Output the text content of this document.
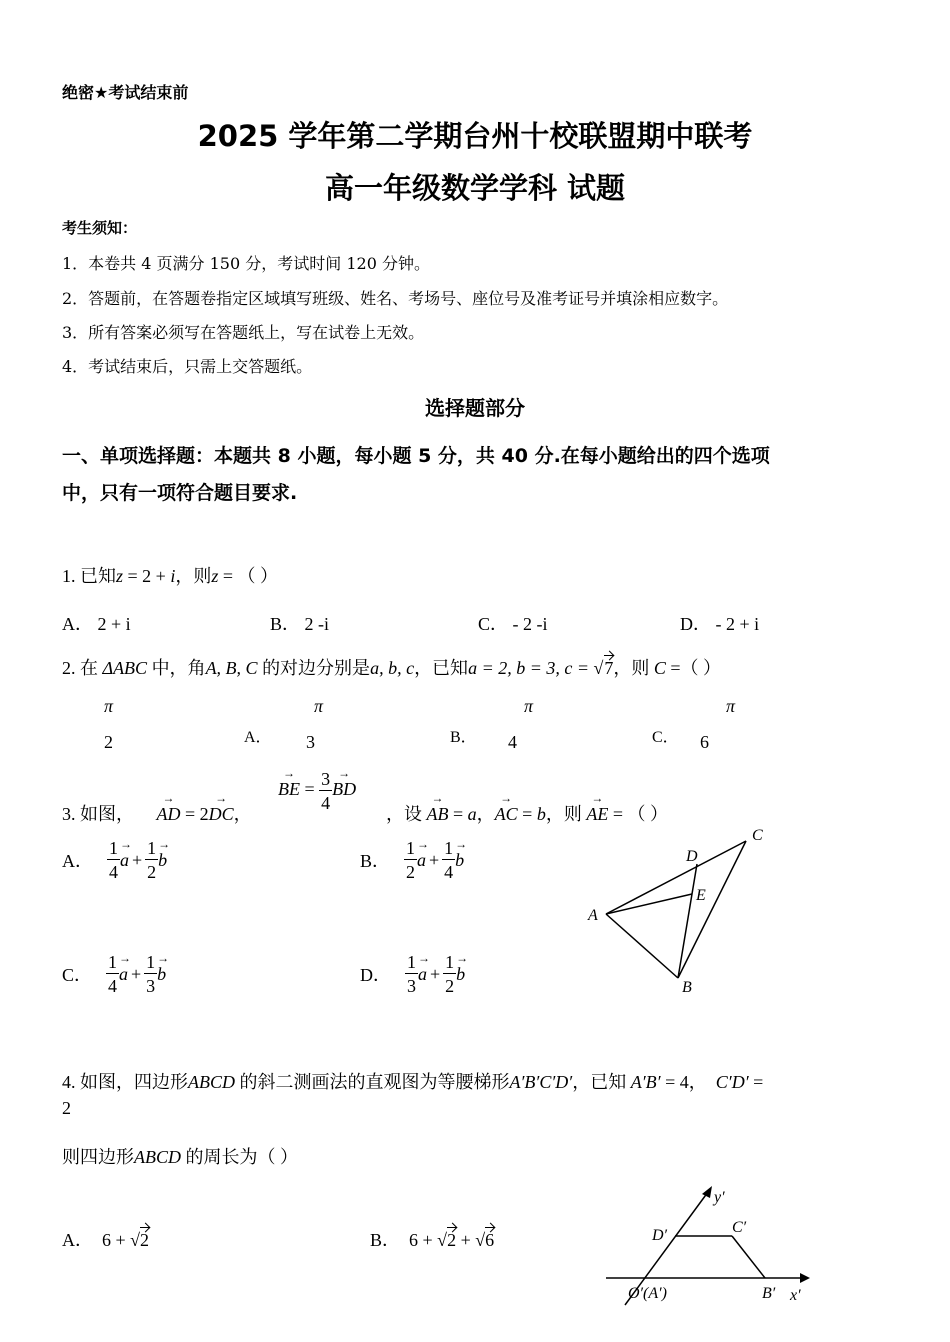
绝密★考试结束前
2025 学年第二学期台州十校联盟期中联考
高一年级数学学科 试题
考生须知：
1．本卷共 4 页满分 150 分，考试时间 120 分钟。
2．答题前，在答题卷指定区域填写班级、姓名、考场号、座位号及准考证号并填涂相应数字。
3．所有答案必须写在答题纸上，写在试卷上无效。
4．考试结束后，只需上交答题纸。
选择题部分
一、单项选择题：本题共 8 小题，每小题 5 分，共 40 分.在每小题给出的四个选项
中，只有一项符合题目要求.
1. 已知z = 2 + i，则z = （ ）
A． 2 + i	B． 2 -i	C． - 2 -i	D． - 2 + i
2. 在 ΔABC 中，角A, B, C 的对边分别是a, b, c，已知a = 2, b = 3, c = √7，则 C =（ ）
π
2	A．
π
3	B．
π
4	C．
π
6
3. 如图， → AD = 2→ DC，
→ BE = $\frac{3}{4}$
→ BD
，设 → AB = a，→ AC = b，则 → AE = （ ）
A． $\frac{1}{4}$
→ $a + \frac{1}{2}$
→ b	B． $\frac{1}{2}$
→ $a + \frac{1}{4}$
→ b
C． $\frac{1}{4}$
→ $a + \frac{1}{3}$
→ b	D． $\frac{1}{3}$
→ $a + \frac{1}{2}$
→ b
A
B
C
D
E
4. 如图，四边形ABCD 的斜二测画法的直观图为等腰梯形A′B′C′D′，已知 A′B′ = 4， C′D′ =
2
则四边形ABCD 的周长为（ ）
A． 6 + √2	B． 6 + √2 + √6
y′
x′
D′	C′
B′
O′(A′)
